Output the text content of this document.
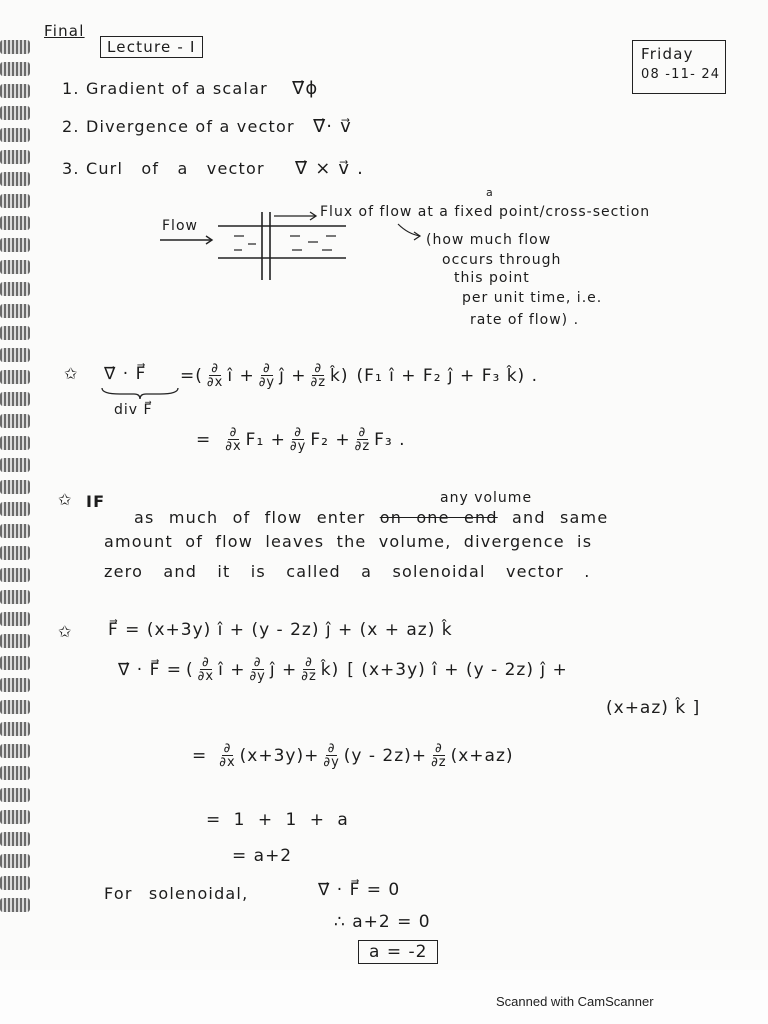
Final
Lecture - I	Friday
08 -11- 24
1. Gradient of a scalar ∇⃗ϕ
2. Divergence of a vector ∇⃗· v⃗
3. Curl of a vector ∇⃗ × v⃗ .
Flow
a
Flux of flow at a fixed point/cross-section
(how much flow
occurs through
this point
per unit time, i.e.
rate of flow) .
✩ ∇⃗ · F⃗
div F⃗
=( $\frac{\partial}{\partial x}$ î + $\frac{\partial}{\partial y}$ ĵ + $\frac{\partial}{\partial z}$ k̂ ) (F₁ î + F₂ ĵ + F₃ k̂) .
= $\frac{\partial}{\partial x} F_1 + \frac{\partial}{\partial y} F_2 + \frac{\partial}{\partial z} F_3$ .
✩ IF	any volume
as much of flow enter on one end and same
amount of flow leaves the volume, divergence is
zero and it is called a solenoidal vector .
✩ F⃗ = (x+3y) î + (y - 2z) ĵ + (x + az) k̂
∇⃗ · F⃗ = ( $\frac{\partial}{\partial x}$ î + $\frac{\partial}{\partial y}$ ĵ + $\frac{\partial}{\partial z}$ k̂ ) [ (x+3y) î + (y - 2z) ĵ +
(x+az) k̂ ]
= $\frac{\partial}{\partial x} (x+3y)+ \frac{\partial}{\partial y} (y - 2z)+ \frac{\partial}{\partial z} (x+az)$
= 1 + 1 + a
= a+2
For solenoidal,	∇⃗ · F⃗ = 0
∴ a+2 = 0
a = -2
Scanned with CamScanner
